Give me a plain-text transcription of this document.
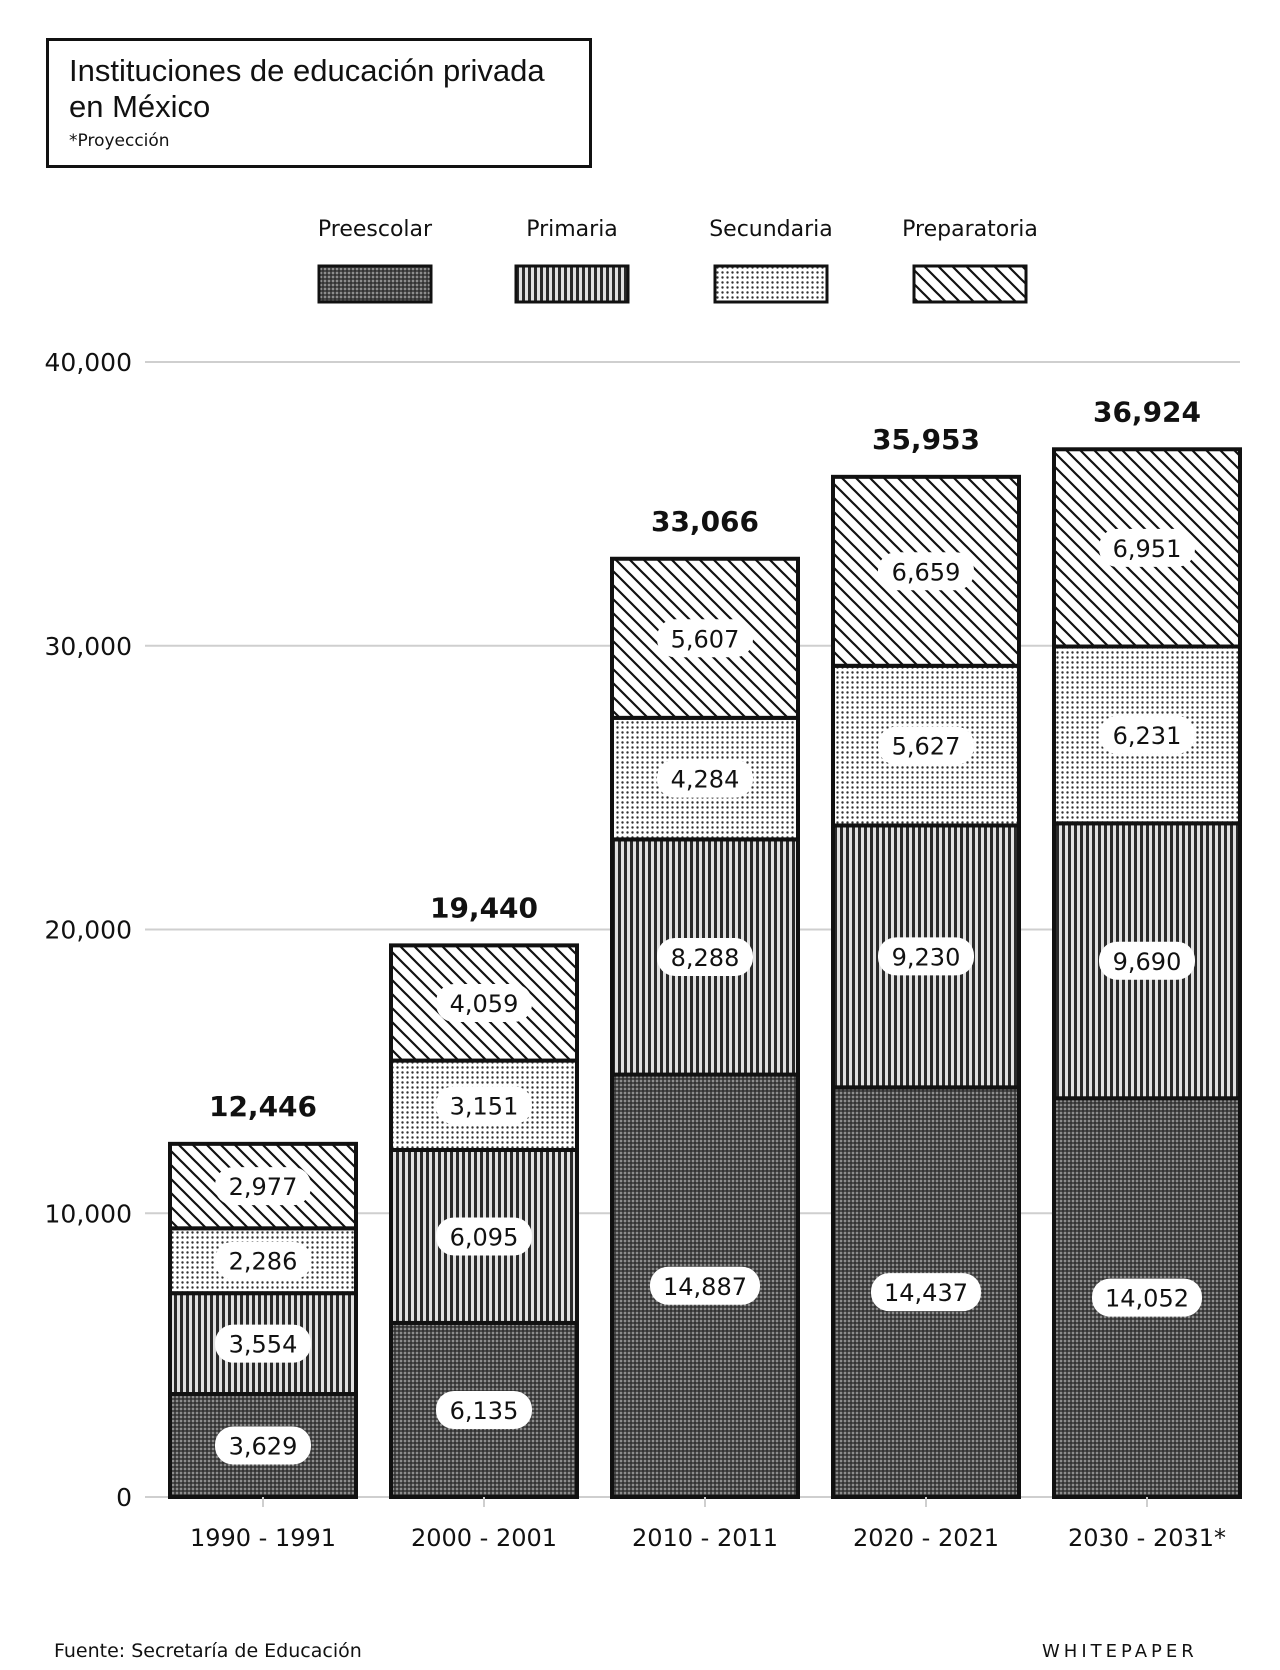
Instituciones de educación privada
en México
*Proyección
0
10,000
20,000
30,000
40,000
Preescolar	Primaria	Secundaria	Preparatoria
3,629
3,554
2,286
2,977
12,446
6,135
6,095
3,151
4,059
19,440
14,887
8,288
4,284
5,607
33,066
14,437
9,230
5,627
6,659
35,953
14,052
9,690
6,231
6,951
36,924
1990 - 1991	2000 - 2001	2010 - 2011	2020 - 2021	2030 - 2031*
Fuente: Secretaría de Educación	WHITEPAPER
